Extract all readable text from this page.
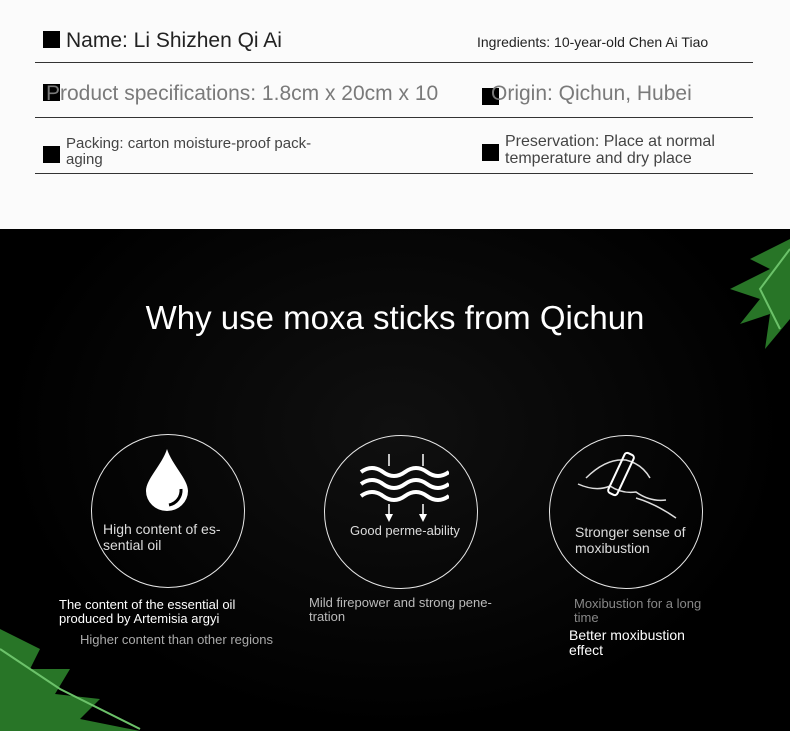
Name: Li Shizhen Qi Ai	Ingredients: 10-year-old Chen Ai Tiao
Product specifications: 1.8cm x 20cm x 10	Origin: Qichun, Hubei
Packing: carton moisture-proof pack-aging
Preservation: Place at normal temperature and dry place
Why use moxa sticks from Qichun
High content of es-sential oil
The content of the essential oil produced by Artemisia argyi
Higher content than other regions
Good perme-ability
Mild firepower and strong pene-tration
Stronger sense of moxibustion
Moxibustion for a long time
Better moxibustion effect
